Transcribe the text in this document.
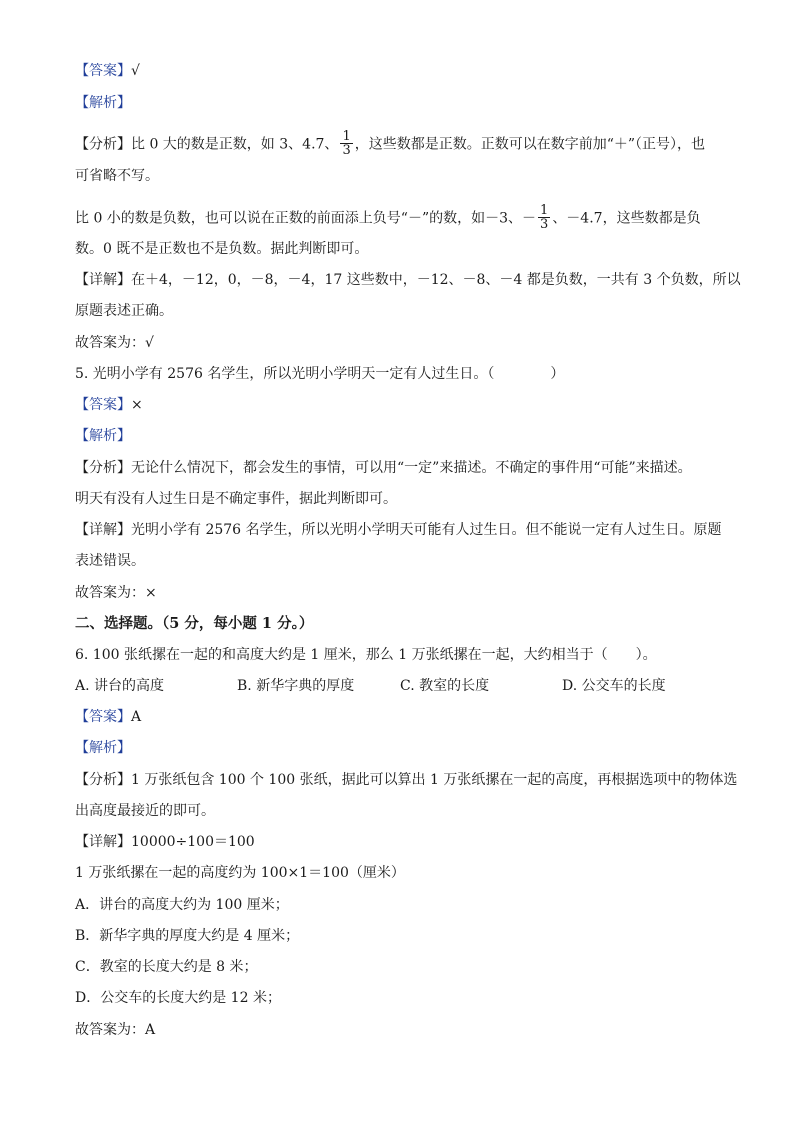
【答案】√
【解析】
【分析】比 0 大的数是正数，如 3、4.7、 $\frac{1}{3}$ ，这些数都是正数。正数可以在数字前加“＋”（正号），也
可省略不写。
比 0 小的数是负数，也可以说在正数的前面添上负号“－”的数，如－3、－ $\frac{1}{3}$ 、－4.7，这些数都是负
数。0 既不是正数也不是负数。据此判断即可。
【详解】在＋4，－12，0，－8，－4，17 这些数中，－12、－8、－4 都是负数，一共有 3 个负数，所以
原题表述正确。
故答案为：√
5. 光明小学有 2576 名学生，所以光明小学明天一定有人过生日。（　　　　）
【答案】×
【解析】
【分析】无论什么情况下，都会发生的事情，可以用“一定”来描述。不确定的事件用“可能”来描述。
明天有没有人过生日是不确定事件，据此判断即可。
【详解】光明小学有 2576 名学生，所以光明小学明天可能有人过生日。但不能说一定有人过生日。原题
表述错误。
故答案为：×
二、选择题。（5 分，每小题 1 分。）
6. 100 张纸摞在一起的和高度大约是 1 厘米，那么 1 万张纸摞在一起，大约相当于（　　）。
A. 讲台的高度	B. 新华字典的厚度	C. 教室的长度	D. 公交车的长度
【答案】A
【解析】
【分析】1 万张纸包含 100 个 100 张纸，据此可以算出 1 万张纸摞在一起的高度，再根据选项中的物体选
出高度最接近的即可。
【详解】10000÷100＝100
1 万张纸摞在一起的高度约为 100×1＝100（厘米）
A．讲台的高度大约为 100 厘米；
B．新华字典的厚度大约是 4 厘米；
C．教室的长度大约是 8 米；
D．公交车的长度大约是 12 米；
故答案为：A
